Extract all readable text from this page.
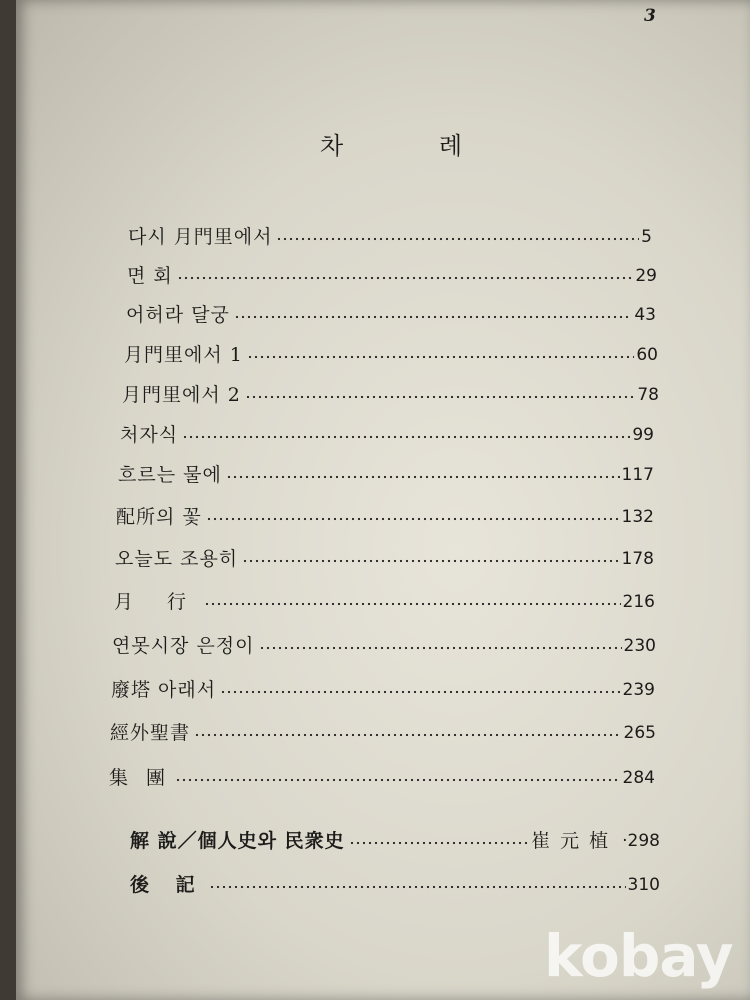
3
차 례
다시 月門里에서	5
면 회	29
어허라 달궁	43
月門里에서 1	60
月門里에서 2	78
처자식	99
흐르는 물에	117
配所의 꽃	132
오늘도 조용히	178
月 行	216
연못시장 은정이	230
廢塔 아래서	239
經外聖書	265
集 團	284
解 說／個人史와 民衆史	崔元植 · 298
後 記	310
kobay
